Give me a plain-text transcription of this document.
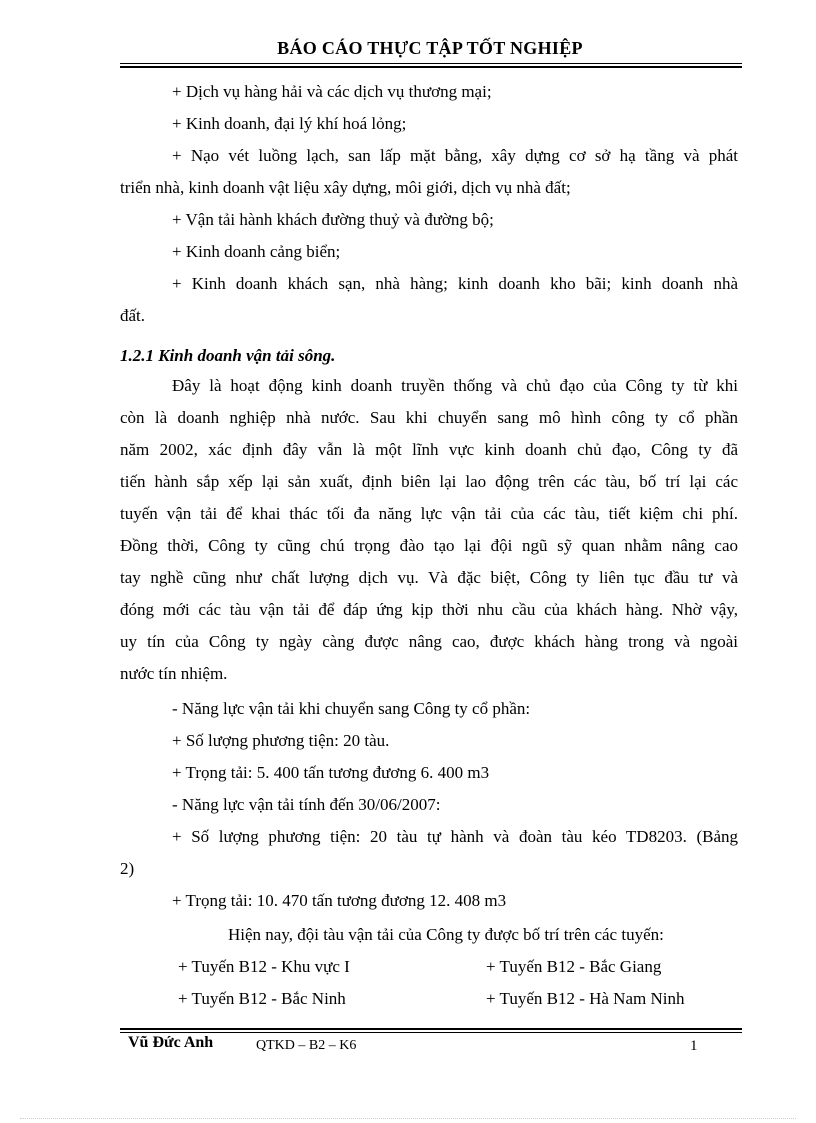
BÁO CÁO THỰC TẬP TỐT NGHIỆP
+ Dịch vụ hàng hải và các dịch vụ thương mại;
+ Kinh doanh, đại lý khí hoá lỏng;
+ Nạo vét luồng lạch, san lấp mặt bằng, xây dựng cơ sở hạ tầng và phát
triển nhà, kinh doanh vật liệu xây dựng, môi giới, dịch vụ nhà đất;
+ Vận tải hành khách đường thuỷ và đường bộ;
+ Kinh doanh cảng biển;
+ Kinh doanh khách sạn, nhà hàng; kinh doanh kho bãi; kinh doanh nhà
đất.
1.2.1 Kinh doanh vận tải sông.
Đây là hoạt động kinh doanh truyền thống và chủ đạo của Công ty từ khi
còn là doanh nghiệp nhà nước. Sau khi chuyển sang mô hình công ty cổ phần
năm 2002, xác định đây vẫn là một lĩnh vực kinh doanh chủ đạo, Công ty đã
tiến hành sắp xếp lại sản xuất, định biên lại lao động trên các tàu, bố trí lại các
tuyến vận tải để khai thác tối đa năng lực vận tải của các tàu, tiết kiệm chi phí.
Đồng thời, Công ty cũng chú trọng đào tạo lại đội ngũ sỹ quan nhằm nâng cao
tay nghề cũng như chất lượng dịch vụ. Và đặc biệt, Công ty liên tục đầu tư và
đóng mới các tàu vận tải để đáp ứng kịp thời nhu cầu của khách hàng. Nhờ vậy,
uy tín của Công ty ngày càng được nâng cao, được khách hàng trong và ngoài
nước tín nhiệm.
- Năng lực vận tải khi chuyển sang Công ty cổ phần:
+ Số lượng phương tiện: 20 tàu.
+ Trọng tải: 5. 400 tấn tương đương 6. 400 m3
- Năng lực vận tải tính đến 30/06/2007:
+ Số lượng phương tiện: 20 tàu tự hành và đoàn tàu kéo TD8203. (Bảng
2)
+ Trọng tải: 10. 470 tấn tương đương 12. 408 m3
Hiện nay, đội tàu vận tải của Công ty được bố trí trên các tuyến:
+ Tuyến B12 - Khu vực I	+ Tuyến B12 - Bắc Giang
+ Tuyến B12 - Bắc Ninh	+ Tuyến B12 - Hà Nam Ninh
Vũ Đức Anh	QTKD – B2 – K6	1
